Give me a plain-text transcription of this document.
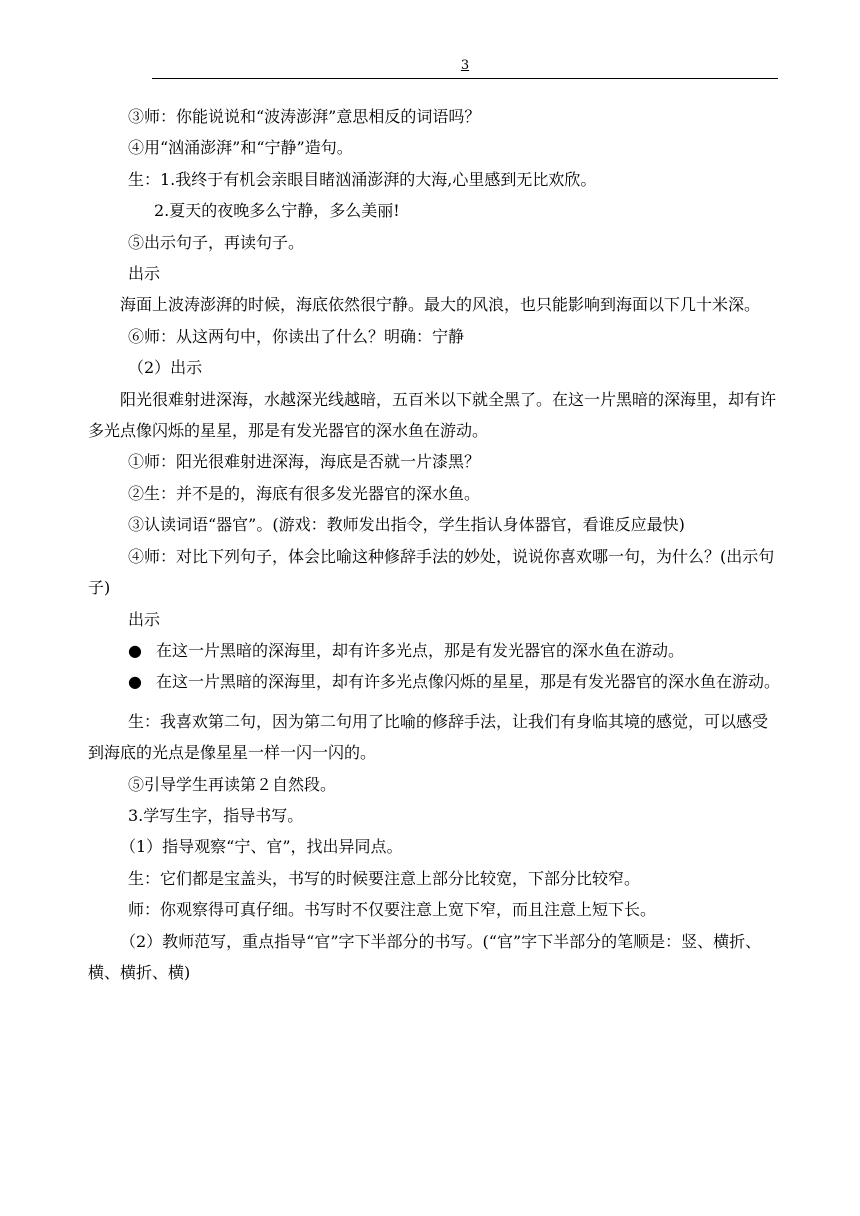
3

③师：你能说说和“波涛澎湃”意思相反的词语吗？

④用“汹涌澎湃”和“宁静”造句。

生：1.我终于有机会亲眼目睹汹涌澎湃的大海,心里感到无比欢欣。

2.夏天的夜晚多么宁静，多么美丽!

⑤出示句子，再读句子。

出示

海面上波涛澎湃的时候，海底依然很宁静。最大的风浪，也只能影响到海面以下几十米深。

⑥师：从这两句中，你读出了什么？明确：宁静

（2）出示

阳光很难射进深海，水越深光线越暗，五百米以下就全黑了。在这一片黑暗的深海里，却有许多光点像闪烁的星星，那是有发光器官的深水鱼在游动。

①师：阳光很难射进深海，海底是否就一片漆黑？

②生：并不是的，海底有很多发光器官的深水鱼。

③认读词语“器官”。(游戏：教师发出指令，学生指认身体器官，看谁反应最快)

④师：对比下列句子，体会比喻这种修辞手法的妙处，说说你喜欢哪一句，为什么？(出示句子)

出示

● 在这一片黑暗的深海里，却有许多光点，那是有发光器官的深水鱼在游动。
● 在这一片黑暗的深海里，却有许多光点像闪烁的星星，那是有发光器官的深水鱼在游动。

生：我喜欢第二句，因为第二句用了比喻的修辞手法，让我们有身临其境的感觉，可以感受到海底的光点是像星星一样一闪一闪的。

⑤引导学生再读第２自然段。

3.学写生字，指导书写。

（1）指导观察“宁、官”，找出异同点。

生：它们都是宝盖头，书写的时候要注意上部分比较宽，下部分比较窄。

师：你观察得可真仔细。书写时不仅要注意上宽下窄，而且注意上短下长。

（2）教师范写，重点指导“官”字下半部分的书写。(“官”字下半部分的笔顺是：竖、横折、横、横折、横)
